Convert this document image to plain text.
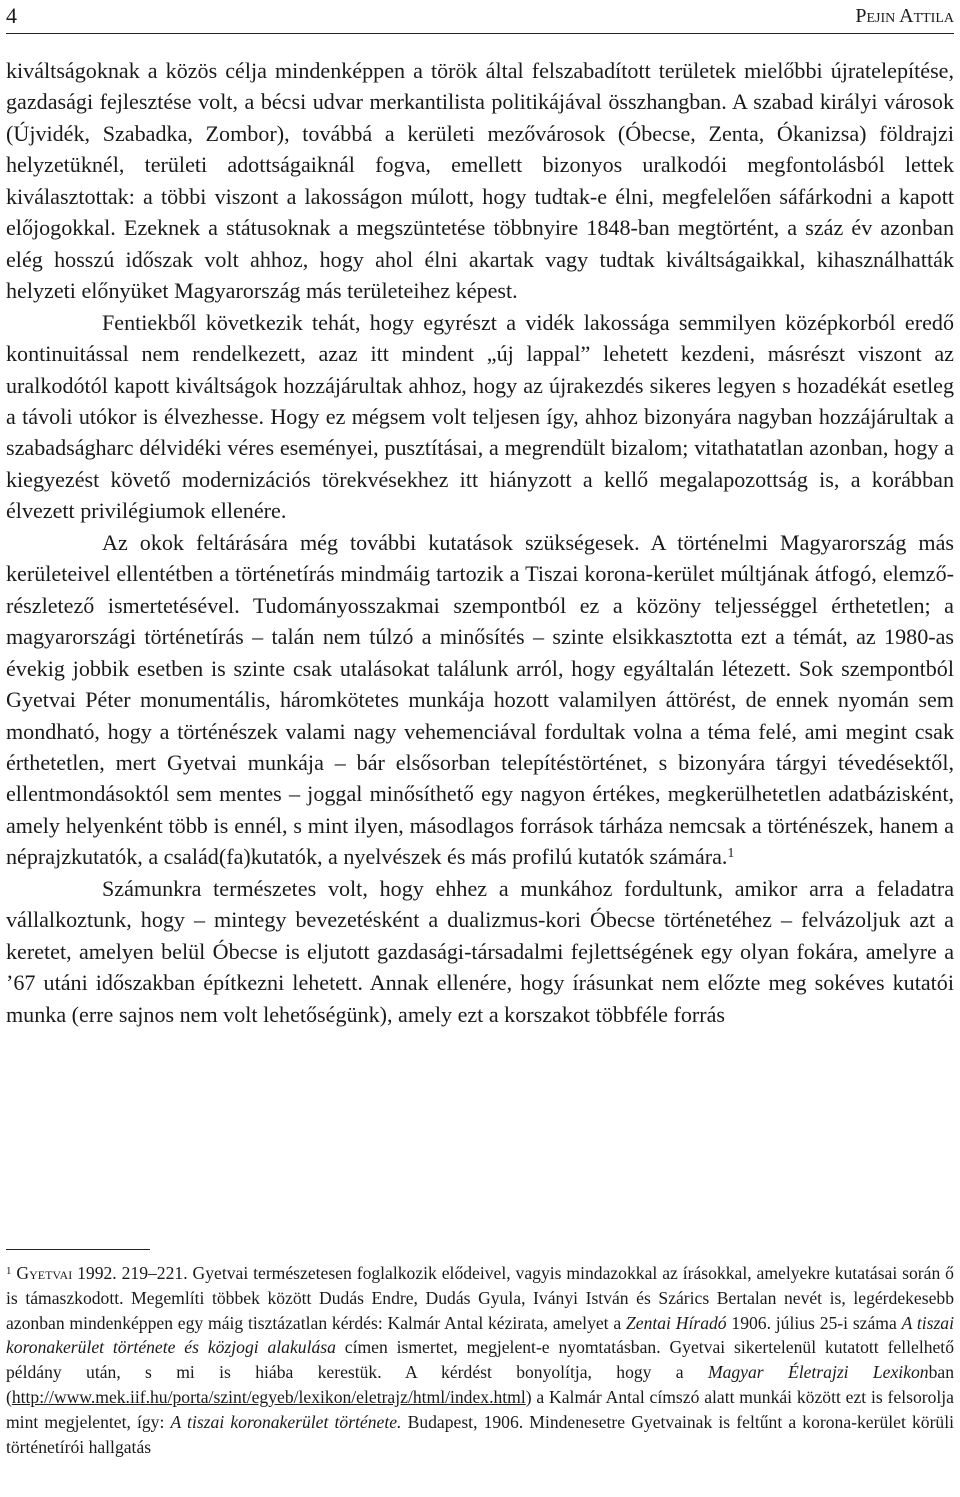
4	Pejin Attila

kiváltságoknak a közös célja mindenképpen a török által felszabadított területek mielőbbi újratelepítése, gazdasági fejlesztése volt, a bécsi udvar merkantilista politikájával összhangban. A szabad királyi városok (Újvidék, Szabadka, Zombor), továbbá a kerületi mezővárosok (Óbecse, Zenta, Ókanizsa) földrajzi helyzetüknél, területi adottságaiknál fogva, emellett bizonyos uralkodói megfontolásból lettek kiválasztottak: a többi viszont a lakosságon múlott, hogy tudtak-e élni, megfelelően sáfárkodni a kapott előjogokkal. Ezeknek a státusoknak a megszüntetése többnyire 1848-ban megtörtént, a száz év azonban elég hosszú időszak volt ahhoz, hogy ahol élni akartak vagy tudtak kiváltságaikkal, kihasználhatták helyzeti előnyüket Magyarország más területeihez képest.

Fentiekből következik tehát, hogy egyrészt a vidék lakossága semmilyen középkorból eredő kontinuitással nem rendelkezett, azaz itt mindent „új lappal” lehetett kezdeni, másrészt viszont az uralkodótól kapott kiváltságok hozzájárultak ahhoz, hogy az újrakezdés sikeres legyen s hozadékát esetleg a távoli utókor is élvezhesse. Hogy ez mégsem volt teljesen így, ahhoz bizonyára nagyban hozzájárultak a szabadságharc délvidéki véres eseményei, pusztításai, a megrendült bizalom; vitathatatlan azonban, hogy a kiegyezést követő modernizációs törekvésekhez itt hiányzott a kellő megalapozottság is, a korábban élvezett privilégiumok ellenére.

Az okok feltárására még további kutatások szükségesek. A történelmi Magyarország más kerületeivel ellentétben a történetírás mindmáig tartozik a Tiszai korona-kerület múltjának átfogó, elemző-részletező ismertetésével. Tudományosszakmai szempontból ez a közöny teljességgel érthetetlen; a magyarországi történetírás – talán nem túlzó a minősítés – szinte elsikkasztotta ezt a témát, az 1980-as évekig jobbik esetben is szinte csak utalásokat találunk arról, hogy egyáltalán létezett. Sok szempontból Gyetvai Péter monumentális, háromkötetes munkája hozott valamilyen áttörést, de ennek nyomán sem mondható, hogy a történészek valami nagy vehemenciával fordultak volna a téma felé, ami megint csak érthetetlen, mert Gyetvai munkája – bár elsősorban telepítéstörténet, s bizonyára tárgyi tévedésektől, ellentmondásoktól sem mentes – joggal minősíthető egy nagyon értékes, megkerülhetetlen adatbázisként, amely helyenként több is ennél, s mint ilyen, másodlagos források tárháza nemcsak a történészek, hanem a néprajzkutatók, a család(fa)kutatók, a nyelvészek és más profilú kutatók számára.$^1$

Számunkra természetes volt, hogy ehhez a munkához fordultunk, amikor arra a feladatra vállalkoztunk, hogy – mintegy bevezetésként a dualizmus-kori Óbecse történetéhez – felvázoljuk azt a keretet, amelyen belül Óbecse is eljutott gazdasági-társadalmi fejlettségének egy olyan fokára, amelyre a ’67 utáni időszakban építkezni lehetett. Annak ellenére, hogy írásunkat nem előzte meg sokéves kutatói munka (erre sajnos nem volt lehetőségünk), amely ezt a korszakot többféle forrás

$^1$ Gyetvai 1992. 219–221. Gyetvai természetesen foglalkozik elődeivel, vagyis mindazokkal az írásokkal, amelyekre kutatásai során ő is támaszkodott. Megemlíti többek között Dudás Endre, Dudás Gyula, Iványi István és Szárics Bertalan nevét is, legérdekesebb azonban mindenképpen egy máig tisztázatlan kérdés: Kalmár Antal kézirata, amelyet a Zentai Híradó 1906. július 25-i száma A tiszai koronakerület története és közjogi alakulása címen ismertet, megjelent-e nyomtatásban. Gyetvai sikertelenül kutatott fellelhető példány után, s mi is hiába kerestük. A kérdést bonyolítja, hogy a Magyar Életrajzi Lexikonban (http://www.mek.iif.hu/porta/szint/egyeb/lexikon/eletrajz/html/index.html) a Kalmár Antal címszó alatt munkái között ezt is felsorolja mint megjelentet, így: A tiszai koronakerület története. Budapest, 1906. Mindenesetre Gyetvainak is feltűnt a korona-kerület körüli történetírói hallgatás
